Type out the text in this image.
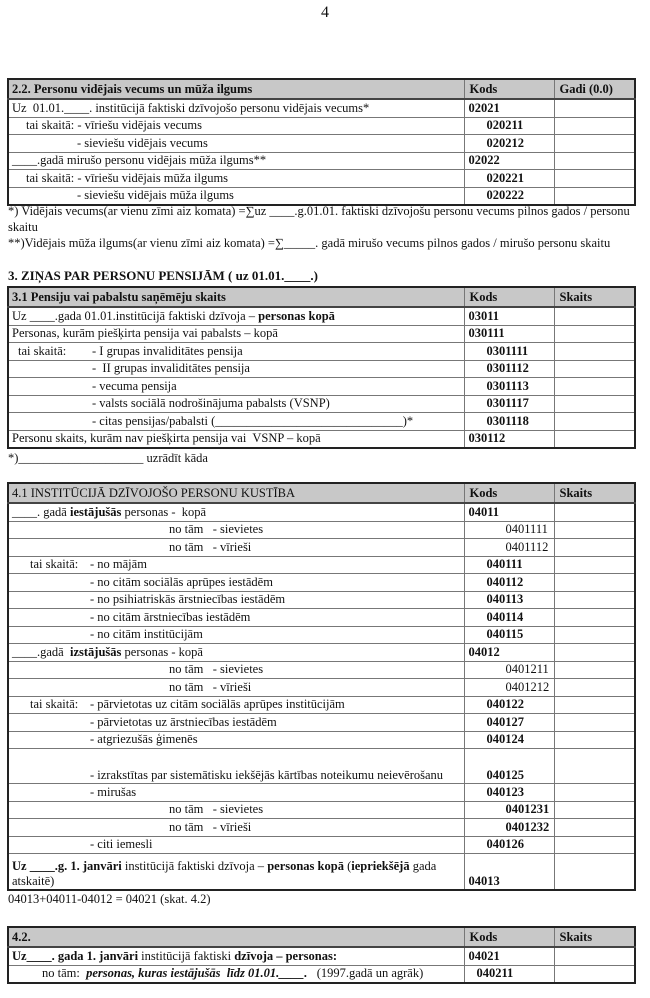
4
2.2. Personu vidējais vecums un mūža ilgums	Kods	Gadi (0.0)
Uz  01.01.____. institūcijā faktiski dzīvojošo personu vidējais vecums*	02021	
tai skaitā: - vīriešu vidējais vecums	020211	
- sieviešu vidējais vecums	020212	
____.gadā mirušo personu vidējais mūža ilgums**	02022	
tai skaitā: - vīriešu vidējais mūža ilgums	020221	
- sieviešu vidējais mūža ilgums	020222	
*) Vidējais vecums(ar vienu zīmi aiz komata) =∑uz ____.g.01.01. faktiski dzīvojošu personu vecums pilnos gados / personu skaitu
**)Vidējais mūža ilgums(ar vienu zīmi aiz komata) =∑_____. gadā mirušo vecums pilnos gados / mirušo personu skaitu
3. ZIŅAS PAR PERSONU PENSIJĀM ( uz 01.01.____.)
3.1 Pensiju vai pabalstu saņēmēju skaits	Kods	Skaits
Uz ____.gada 01.01.institūcijā faktiski dzīvoja – personas kopā	03011	
Personas, kurām piešķirta pensija vai pabalsts – kopā	030111	
tai skaitā: - I grupas invaliditātes pensija	0301111	
-  II grupas invaliditātes pensija	0301112	
- vecuma pensija	0301113	
- valsts sociālā nodrošinājuma pabalsts (VSNP)	0301117	
- citas pensijas/pabalsti (______________________________)*	0301118	
Personu skaits, kurām nav piešķirta pensija vai  VSNP – kopā	030112	
*)____________________ uzrādīt kāda
4.1 INSTITŪCIJĀ DZĪVOJOŠO PERSONU KUSTĪBA	Kods	Skaits
____. gadā iestājušās personas -  kopā	04011	
no tām   - sievietes	0401111	
no tām   - vīrieši	0401112	
tai skaitā: - no mājām	040111	
- no citām sociālās aprūpes iestādēm	040112	
- no psihiatriskās ārstniecības iestādēm	040113	
- no citām ārstniecības iestādēm	040114	
- no citām institūcijām	040115	
____.gadā  izstājušās personas - kopā	04012	
no tām   - sievietes	0401211	
no tām   - vīrieši	0401212	
tai skaitā: - pārvietotas uz citām sociālās aprūpes institūcijām	040122	
- pārvietotas uz ārstniecības iestādēm	040127	
- atgriezušās ģimenēs	040124	
- izrakstītas par sistemātisku iekšējās kārtības noteikumu neievērošanu	040125	
- mirušas	040123	
no tām   - sievietes	0401231	
no tām   - vīrieši	0401232	
- citi iemesli	040126	
Uz ____.g. 1. janvāri institūcijā faktiski dzīvoja – personas kopā (iepriekšējā gada atskaitē)	04013	
04013+04011-04012 = 04021 (skat. 4.2)
4.2.	Kods	Skaits
Uz____. gada 1. janvāri institūcijā faktiski dzīvoja – personas:	04021	
no tām:  personas, kuras iestājušās  līdz 01.01.____.   (1997.gadā un agrāk)	040211	
